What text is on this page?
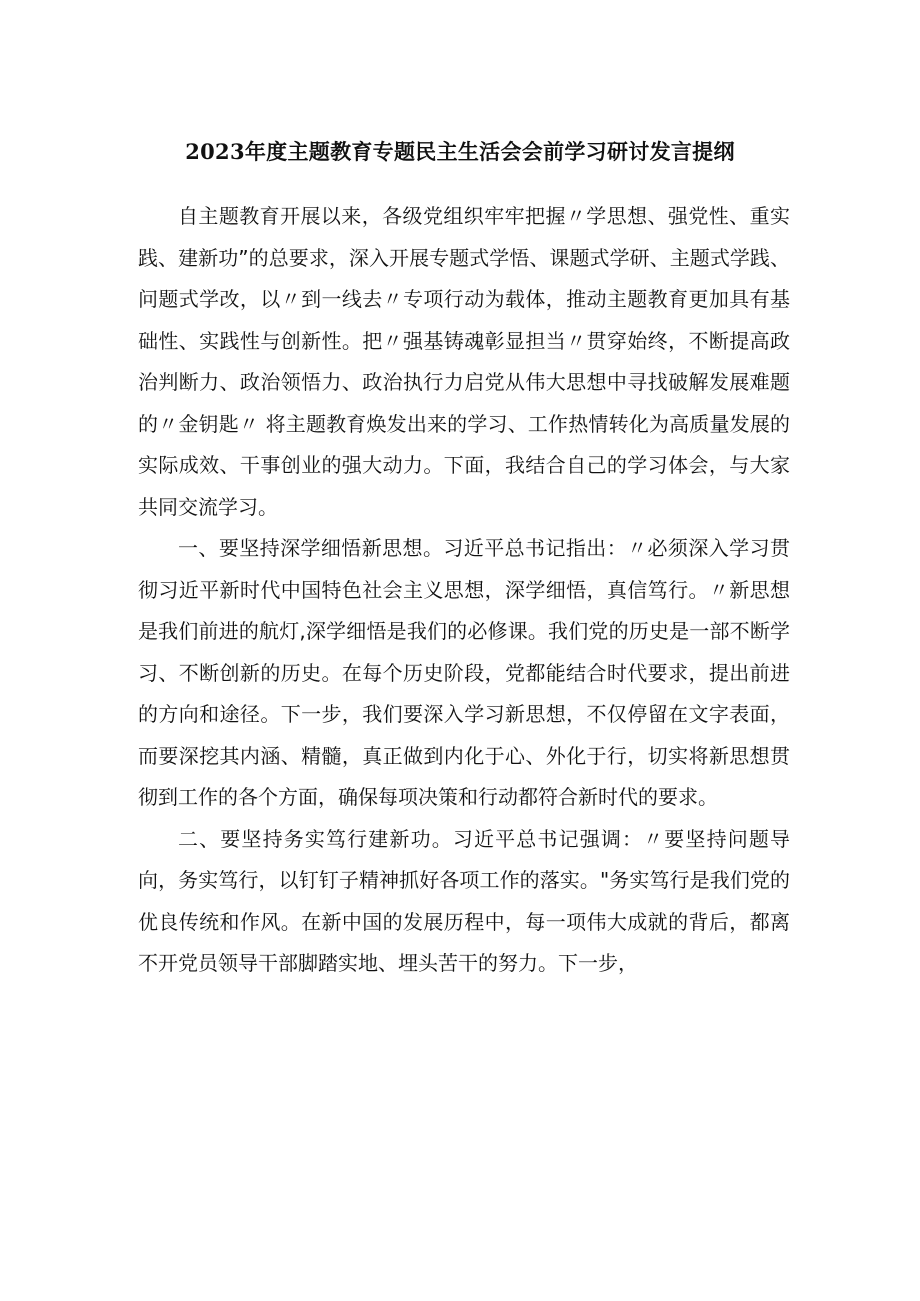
2023年度主题教育专题民主生活会会前学习研讨发言提纲

自主题教育开展以来，各级党组织牢牢把握〃学思想、强党性、重实践、建新功”的总要求，深入开展专题式学悟、课题式学研、主题式学践、问题式学改，以〃到一线去〃专项行动为载体，推动主题教育更加具有基础性、实践性与创新性。把〃强基铸魂彰显担当〃贯穿始终，不断提高政治判断力、政治领悟力、政治执行力启党从伟大思想中寻找破解发展难题的〃金钥匙〃 将主题教育焕发出来的学习、工作热情转化为高质量发展的实际成效、干事创业的强大动力。下面，我结合自己的学习体会，与大家共同交流学习。

一、要坚持深学细悟新思想。习近平总书记指出：〃必须深入学习贯彻习近平新时代中国特色社会主义思想，深学细悟，真信笃行。〃新思想是我们前进的航灯,深学细悟是我们的必修课。我们党的历史是一部不断学习、不断创新的历史。在每个历史阶段，党都能结合时代要求，提出前进的方向和途径。下一步，我们要深入学习新思想，不仅停留在文字表面，而要深挖其内涵、精髓，真正做到内化于心、外化于行，切实将新思想贯彻到工作的各个方面，确保每项决策和行动都符合新时代的要求。

二、要坚持务实笃行建新功。习近平总书记强调：〃要坚持问题导向，务实笃行，以钉钉子精神抓好各项工作的落实。"务实笃行是我们党的优良传统和作风。在新中国的发展历程中，每一项伟大成就的背后，都离不开党员领导干部脚踏实地、埋头苦干的努力。下一步，
